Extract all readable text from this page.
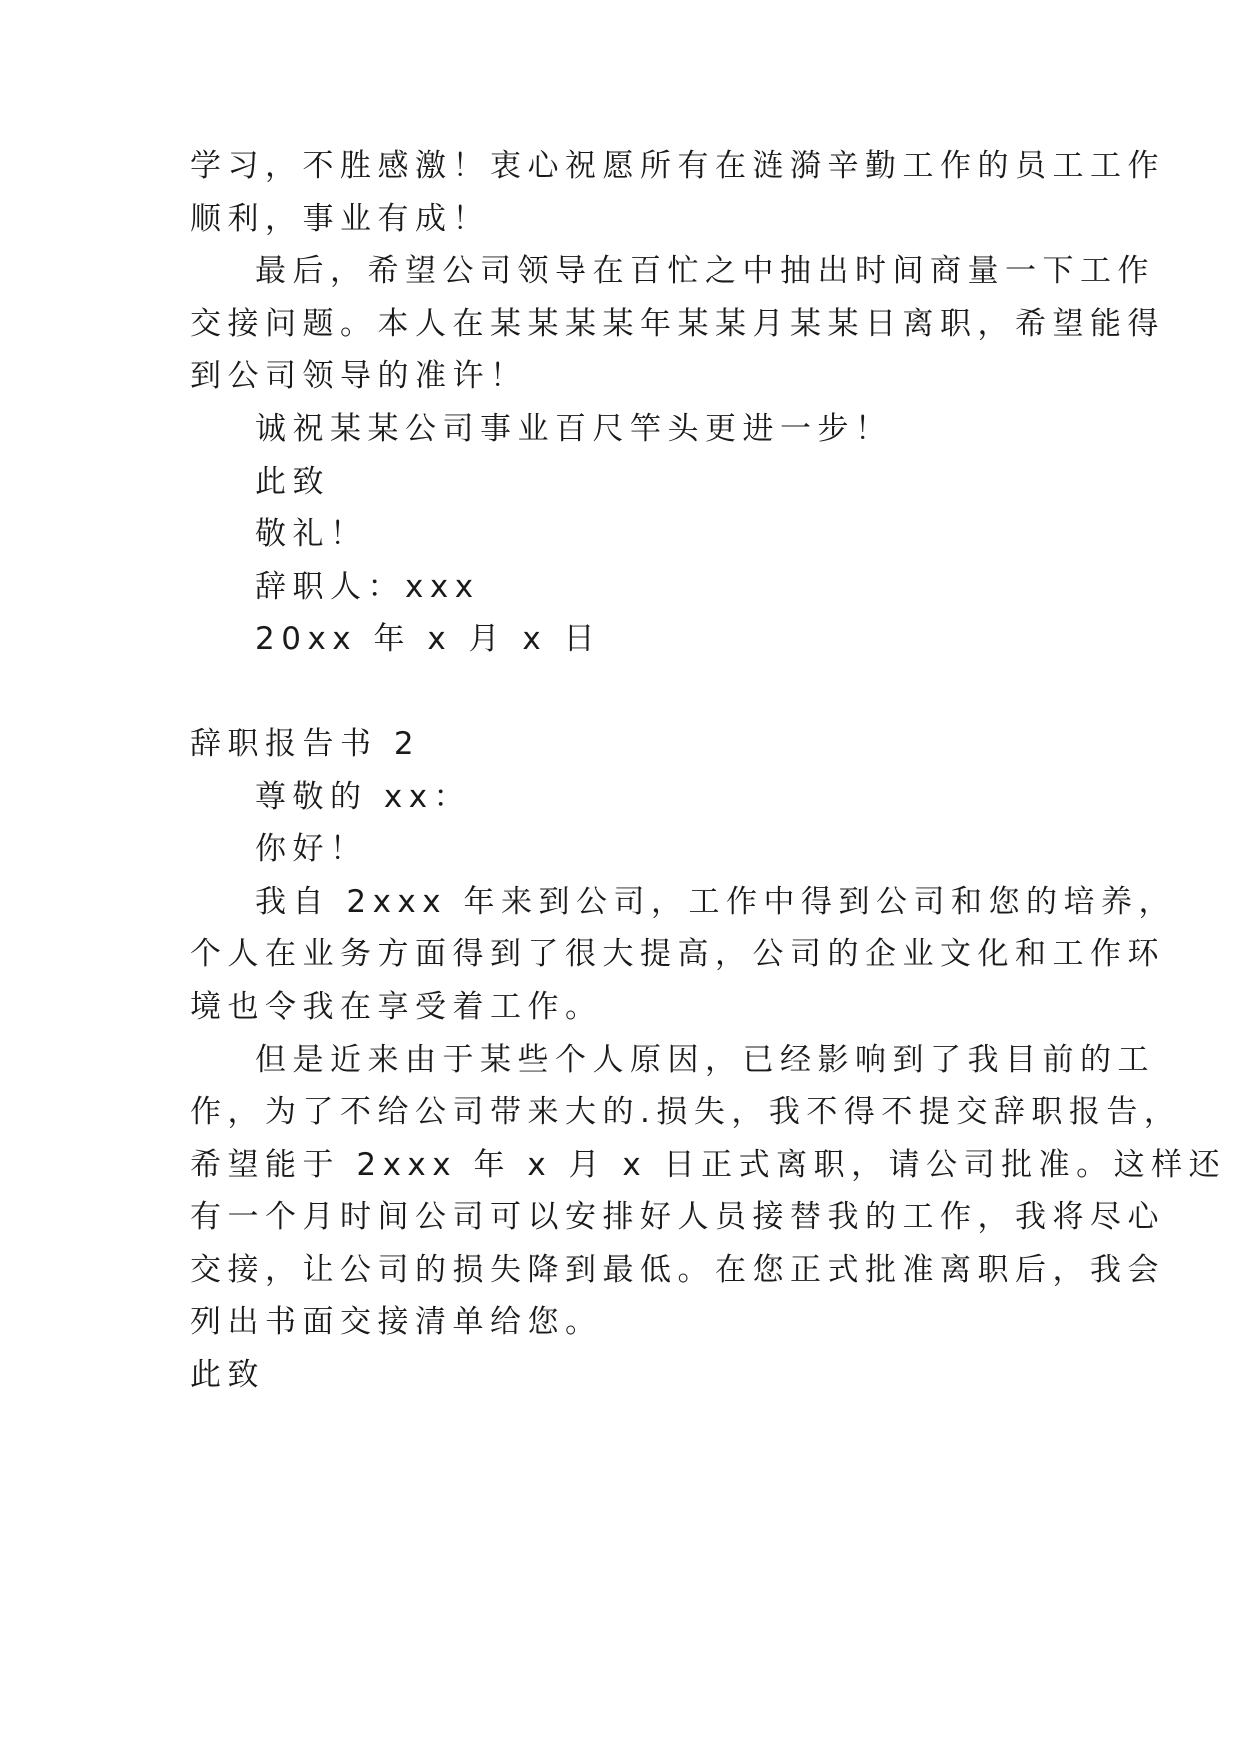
学习，不胜感激！衷心祝愿所有在涟漪辛勤工作的员工工作
顺利，事业有成！
最后，希望公司领导在百忙之中抽出时间商量一下工作
交接问题。本人在某某某某年某某月某某日离职，希望能得
到公司领导的准许！
诚祝某某公司事业百尺竿头更进一步！
此致
敬礼！
辞职人：xxx
20xx 年 x 月 x 日
辞职报告书 2
尊敬的 xx：
你好！
我自 2xxx 年来到公司，工作中得到公司和您的培养，
个人在业务方面得到了很大提高，公司的企业文化和工作环
境也令我在享受着工作。
但是近来由于某些个人原因，已经影响到了我目前的工
作，为了不给公司带来大的.损失，我不得不提交辞职报告，
希望能于 2xxx 年 x 月 x 日正式离职，请公司批准。这样还
有一个月时间公司可以安排好人员接替我的工作，我将尽心
交接，让公司的损失降到最低。在您正式批准离职后，我会
列出书面交接清单给您。
此致
